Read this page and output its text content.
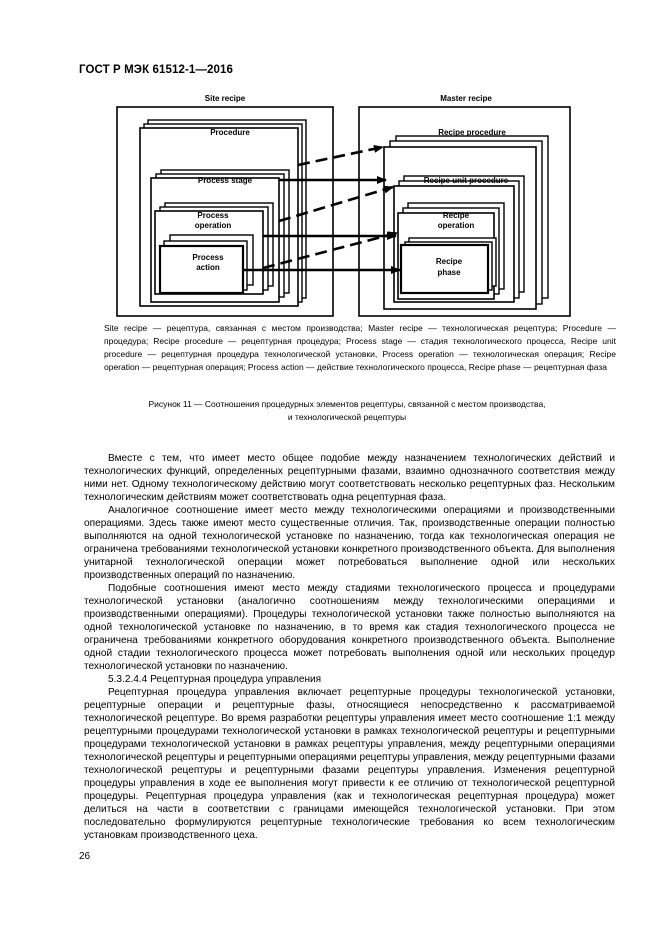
ГОСТ Р МЭК 61512-1—2016
Site recipe	Master recipe
Procedure
Process stage
Process
operation
Process
action
Recipe procedure
Recipe unit procedure
Recipe
operation
Recipe
phase
Site recipe — рецептура, связанная с местом производства; Master recipe — технологическая рецептура; Procedure — процедура; Recipe procedure — рецептурная процедура; Process stage — стадия технологического процесса, Recipe unit procedure — рецептурная процедура технологической установки, Process operation — технологическая операция; Recipe operation — рецептурная операция; Process action — действие технологического процесса, Recipe phase — рецептурная фаза
Рисунок 11 — Соотношения процедурных элементов рецептуры, связанной с местом производства,
и технологической рецептуры

Вместе с тем, что имеет место общее подобие между назначением технологических действий и технологических функций, определенных рецептурными фазами, взаимно однозначного соответствия между ними нет. Одному технологическому действию могут соответствовать несколько рецептурных фаз. Нескольким технологическим действиям может соответствовать одна рецептурная фаза.

Аналогичное соотношение имеет место между технологическими операциями и производственными операциями. Здесь также имеют место существенные отличия. Так, производственные операции полностью выполняются на одной технологической установке по назначению, тогда как технологическая операция не ограничена требованиями технологической установки конкретного производственного объекта. Для выполнения унитарной технологической операции может потребоваться выполнение одной или нескольких производственных операций по назначению.

Подобные соотношения имеют место между стадиями технологического процесса и процедурами технологической установки (аналогично соотношениям между технологическими операциями и производственными операциями). Процедуры технологической установки также полностью выполняются на одной технологической установке по назначению, в то время как стадия технологического процесса не ограничена требованиями конкретного оборудования конкретного производственного объекта. Выполнение одной стадии технологического процесса может потребовать выполнения одной или нескольких процедур технологической установки по назначению.

5.3.2.4.4 Рецептурная процедура управления

Рецептурная процедура управления включает рецептурные процедуры технологической установки, рецептурные операции и рецептурные фазы, относящиеся непосредственно к рассматриваемой технологической рецептуре. Во время разработки рецептуры управления имеет место соотношение 1:1 между рецептурными процедурами технологической установки в рамках технологической рецептуры и рецептурными процедурами технологической установки в рамках рецептуры управления, между рецептурными операциями технологической рецептуры и рецептурными операциями рецептуры управления, между рецептурными фазами технологической рецептуры и рецептурными фазами рецептуры управления. Изменения рецептурной процедуры управления в ходе ее выполнения могут привести к ее отличию от технологической рецептурной процедуры. Рецептурная процедура управления (как и технологическая рецептурная процедура) может делиться на части в соответствии с границами имеющейся технологической установки. При этом последовательно формулируются рецептурные технологические требования ко всем технологическим установкам производственного цеха.

26
